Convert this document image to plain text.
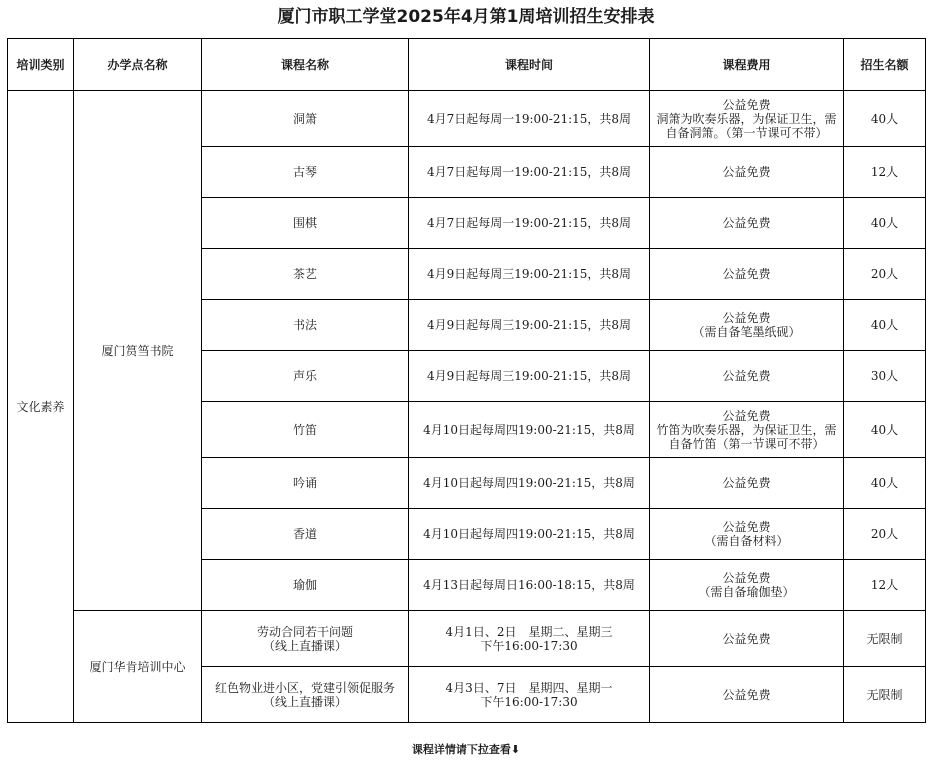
厦门市职工学堂2025年4月第1周培训招生安排表
培训类别	办学点名称	课程名称	课程时间	课程费用	招生名额
文化素养	厦门筼筜书院	洞箫	4月7日起每周一19:00-21:15，共8周	公益免费
洞箫为吹奏乐器，为保证卫生，需
自备洞箫。（第一节课可不带）	40人

		古琴	4月7日起每周一19:00-21:15，共8周	公益免费	12人

		围棋	4月7日起每周一19:00-21:15，共8周	公益免费	40人

		茶艺	4月9日起每周三19:00-21:15，共8周	公益免费	20人

		书法	4月9日起每周三19:00-21:15，共8周	公益免费
（需自备笔墨纸砚）	40人

		声乐	4月9日起每周三19:00-21:15，共8周	公益免费	30人

		竹笛	4月10日起每周四19:00-21:15，共8周	公益免费
竹笛为吹奏乐器，为保证卫生，需
自备竹笛（第一节课可不带）	40人

		吟诵	4月10日起每周四19:00-21:15，共8周	公益免费	40人

		香道	4月10日起每周四19:00-21:15，共8周	公益免费
（需自备材料）	20人

		瑜伽	4月13日起每周日16:00-18:15，共8周	公益免费
（需自备瑜伽垫）	12人
	厦门华肯培训中心	劳动合同若干问题
（线上直播课）	4月1日、2日　星期二、星期三
下午16:00-17:30	公益免费	无限制

		红色物业进小区，党建引领促服务
（线上直播课）	4月3日、7日　星期四、星期一
下午16:00-17:30	公益免费	无限制
课程详情请下拉查看⬇
